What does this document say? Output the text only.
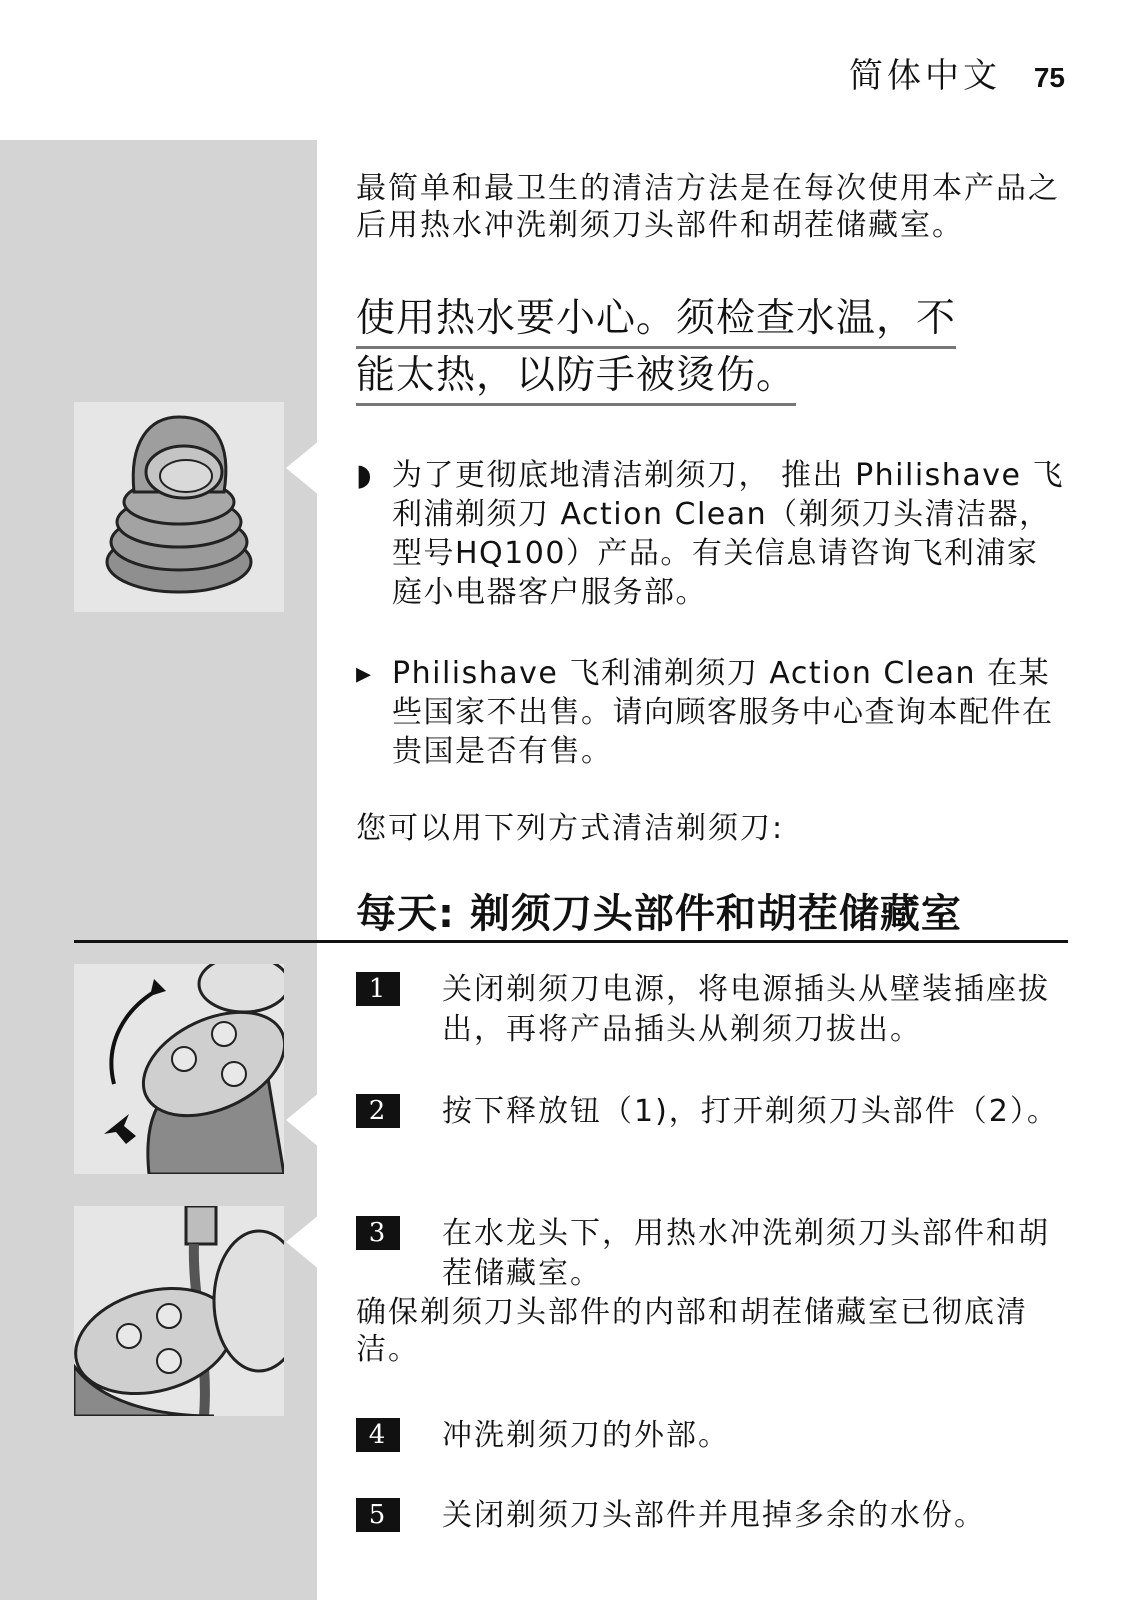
简体中文 75
最简单和最卫生的清洁方法是在每次使用本产品之后用热水冲洗剃须刀头部件和胡茬储藏室。
使用热水要小心。须检查水温，不
能太热，以防手被烫伤。
◗ 为了更彻底地清洁剃须刀， 推出 Philishave 飞利浦剃须刀 Action Clean（剃须刀头清洁器， 型号HQ100）产品。有关信息请咨询飞利浦家庭小电器客户服务部。
▸ Philishave 飞利浦剃须刀 Action Clean 在某些国家不出售。请向顾客服务中心查询本配件在贵国是否有售。
您可以用下列方式清洁剃须刀:
每天: 剃须刀头部件和胡茬储藏室
1	关闭剃须刀电源，将电源插头从壁装插座拔出，再将产品插头从剃须刀拔出。
2	按下释放钮（1)，打开剃须刀头部件（2）。
3	在水龙头下，用热水冲洗剃须刀头部件和胡茬储藏室。
确保剃须刀头部件的内部和胡茬储藏室已彻底清洁。
4	冲洗剃须刀的外部。
5	关闭剃须刀头部件并甩掉多余的水份。
